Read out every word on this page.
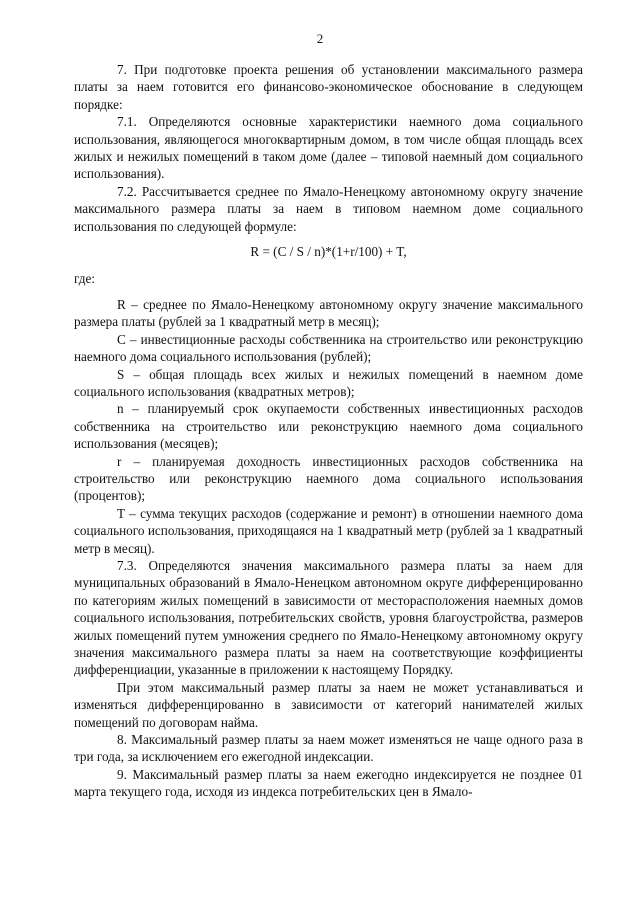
2

7. При подготовке проекта решения об установлении максимального размера платы за наем готовится его финансово-экономическое обоснование в следующем порядке:

7.1. Определяются основные характеристики наемного дома социального использования, являющегося многоквартирным домом, в том числе общая площадь всех жилых и нежилых помещений в таком доме (далее – типовой наемный дом социального использования).

7.2. Рассчитывается среднее по Ямало-Ненецкому автономному округу значение максимального размера платы за наем в типовом наемном доме социального использования по следующей формуле:

R = (C / S / n)*(1+r/100) + T,

где:

R – среднее по Ямало-Ненецкому автономному округу значение максимального размера платы (рублей за 1 квадратный метр в месяц);

C – инвестиционные расходы собственника на строительство или реконструкцию наемного дома социального использования (рублей);

S – общая площадь всех жилых и нежилых помещений в наемном доме социального использования (квадратных метров);

n – планируемый срок окупаемости собственных инвестиционных расходов собственника на строительство или реконструкцию наемного дома социального использования (месяцев);

r – планируемая доходность инвестиционных расходов собственника на строительство или реконструкцию наемного дома социального использования (процентов);

T – сумма текущих расходов (содержание и ремонт) в отношении наемного дома социального использования, приходящаяся на 1 квадратный метр (рублей за 1 квадратный метр в месяц).

7.3. Определяются значения максимального размера платы за наем для муниципальных образований в Ямало-Ненецком автономном округе дифференцированно по категориям жилых помещений в зависимости от месторасположения наемных домов социального использования, потребительских свойств, уровня благоустройства, размеров жилых помещений путем умножения среднего по Ямало-Ненецкому автономному округу значения максимального размера платы за наем на соответствующие коэффициенты дифференциации, указанные в приложении к настоящему Порядку.

При этом максимальный размер платы за наем не может устанавливаться и изменяться дифференцированно в зависимости от категорий нанимателей жилых помещений по договорам найма.

8. Максимальный размер платы за наем может изменяться не чаще одного раза в три года, за исключением его ежегодной индексации.

9. Максимальный размер платы за наем ежегодно индексируется не позднее 01 марта текущего года, исходя из индекса потребительских цен в Ямало-
